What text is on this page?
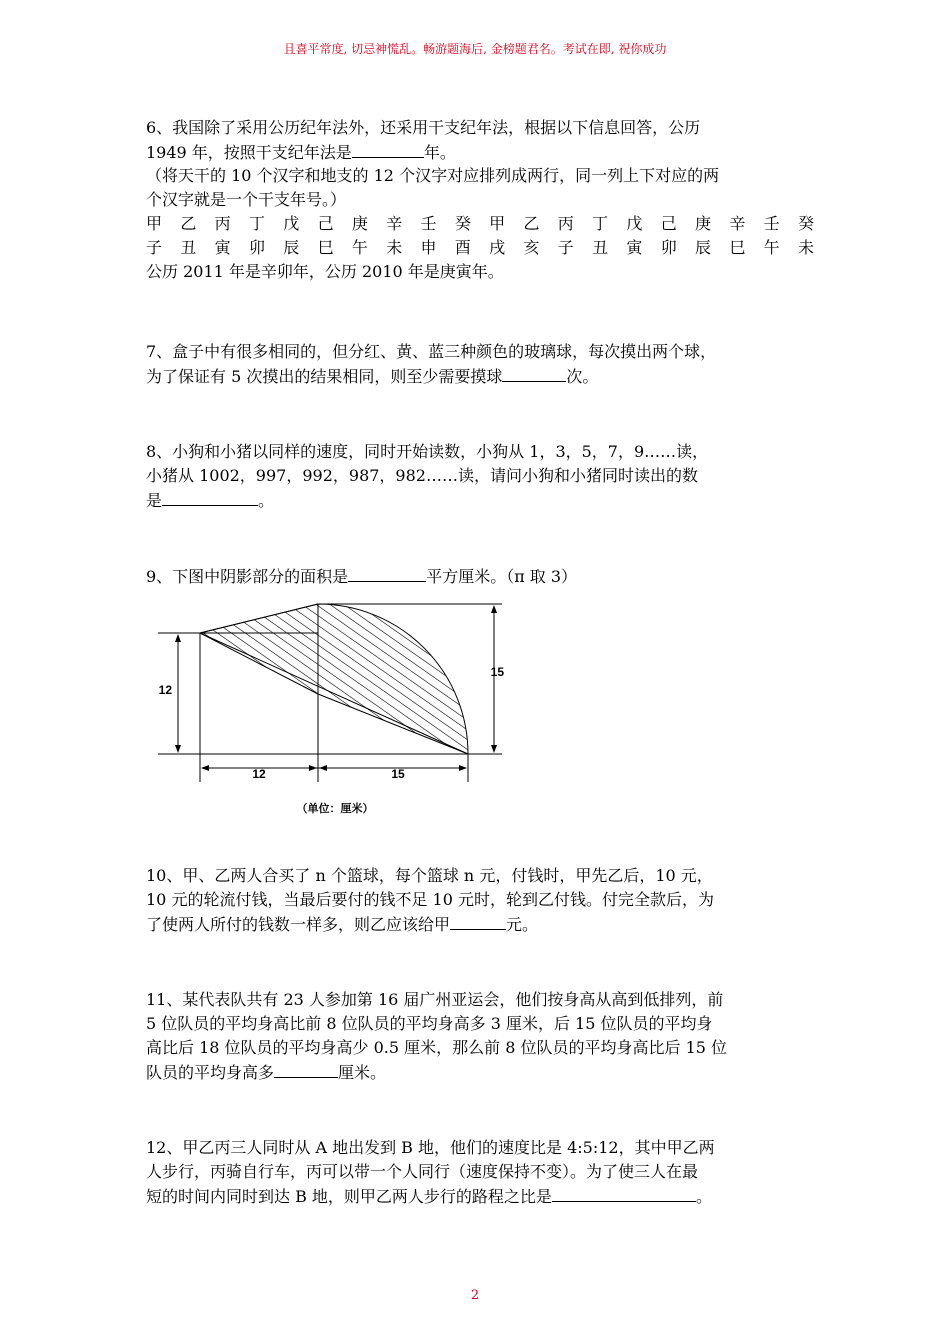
且喜平常度, 切忌神慌乱。畅游题海后, 金榜题君名。考试在即, 祝你成功
6、我国除了采用公历纪年法外，还采用干支纪年法，根据以下信息回答，公历
1949 年，按照干支纪年法是	年。
（将天干的 10 个汉字和地支的 12 个汉字对应排列成两行，同一列上下对应的两
个汉字就是一个干支年号。）
甲 乙 丙 丁 戊 己 庚 辛 壬 癸 甲 乙 丙 丁 戊 己 庚 辛 壬 癸
子 丑 寅 卯 辰 巳 午 未 申 酉 戌 亥 子 丑 寅 卯 辰 巳 午 未
公历 2011 年是辛卯年，公历 2010 年是庚寅年。
7、盒子中有很多相同的，但分红、黄、蓝三种颜色的玻璃球，每次摸出两个球，
为了保证有 5 次摸出的结果相同，则至少需要摸球	次。
8、小狗和小猪以同样的速度，同时开始读数，小狗从 1，3，5，7，9……读，
小猪从 1002，997，992，987，982……读，请问小狗和小猪同时读出的数
是	。
9、下图中阴影部分的面积是	平方厘米。（π 取 3）
12
15
12	15
（单位：厘米）
10、甲、乙两人合买了 n 个篮球，每个篮球 n 元，付钱时，甲先乙后，10 元，
10 元的轮流付钱，当最后要付的钱不足 10 元时，轮到乙付钱。付完全款后，为
了使两人所付的钱数一样多，则乙应该给甲	元。
11、某代表队共有 23 人参加第 16 届广州亚运会，他们按身高从高到低排列，前
5 位队员的平均身高比前 8 位队员的平均身高多 3 厘米，后 15 位队员的平均身
高比后 18 位队员的平均身高少 0.5 厘米，那么前 8 位队员的平均身高比后 15 位
队员的平均身高多	厘米。
12、甲乙丙三人同时从 A 地出发到 B 地，他们的速度比是 4:5:12，其中甲乙两
人步行，丙骑自行车，丙可以带一个人同行（速度保持不变）。为了使三人在最
短的时间内同时到达 B 地，则甲乙两人步行的路程之比是	。
2
